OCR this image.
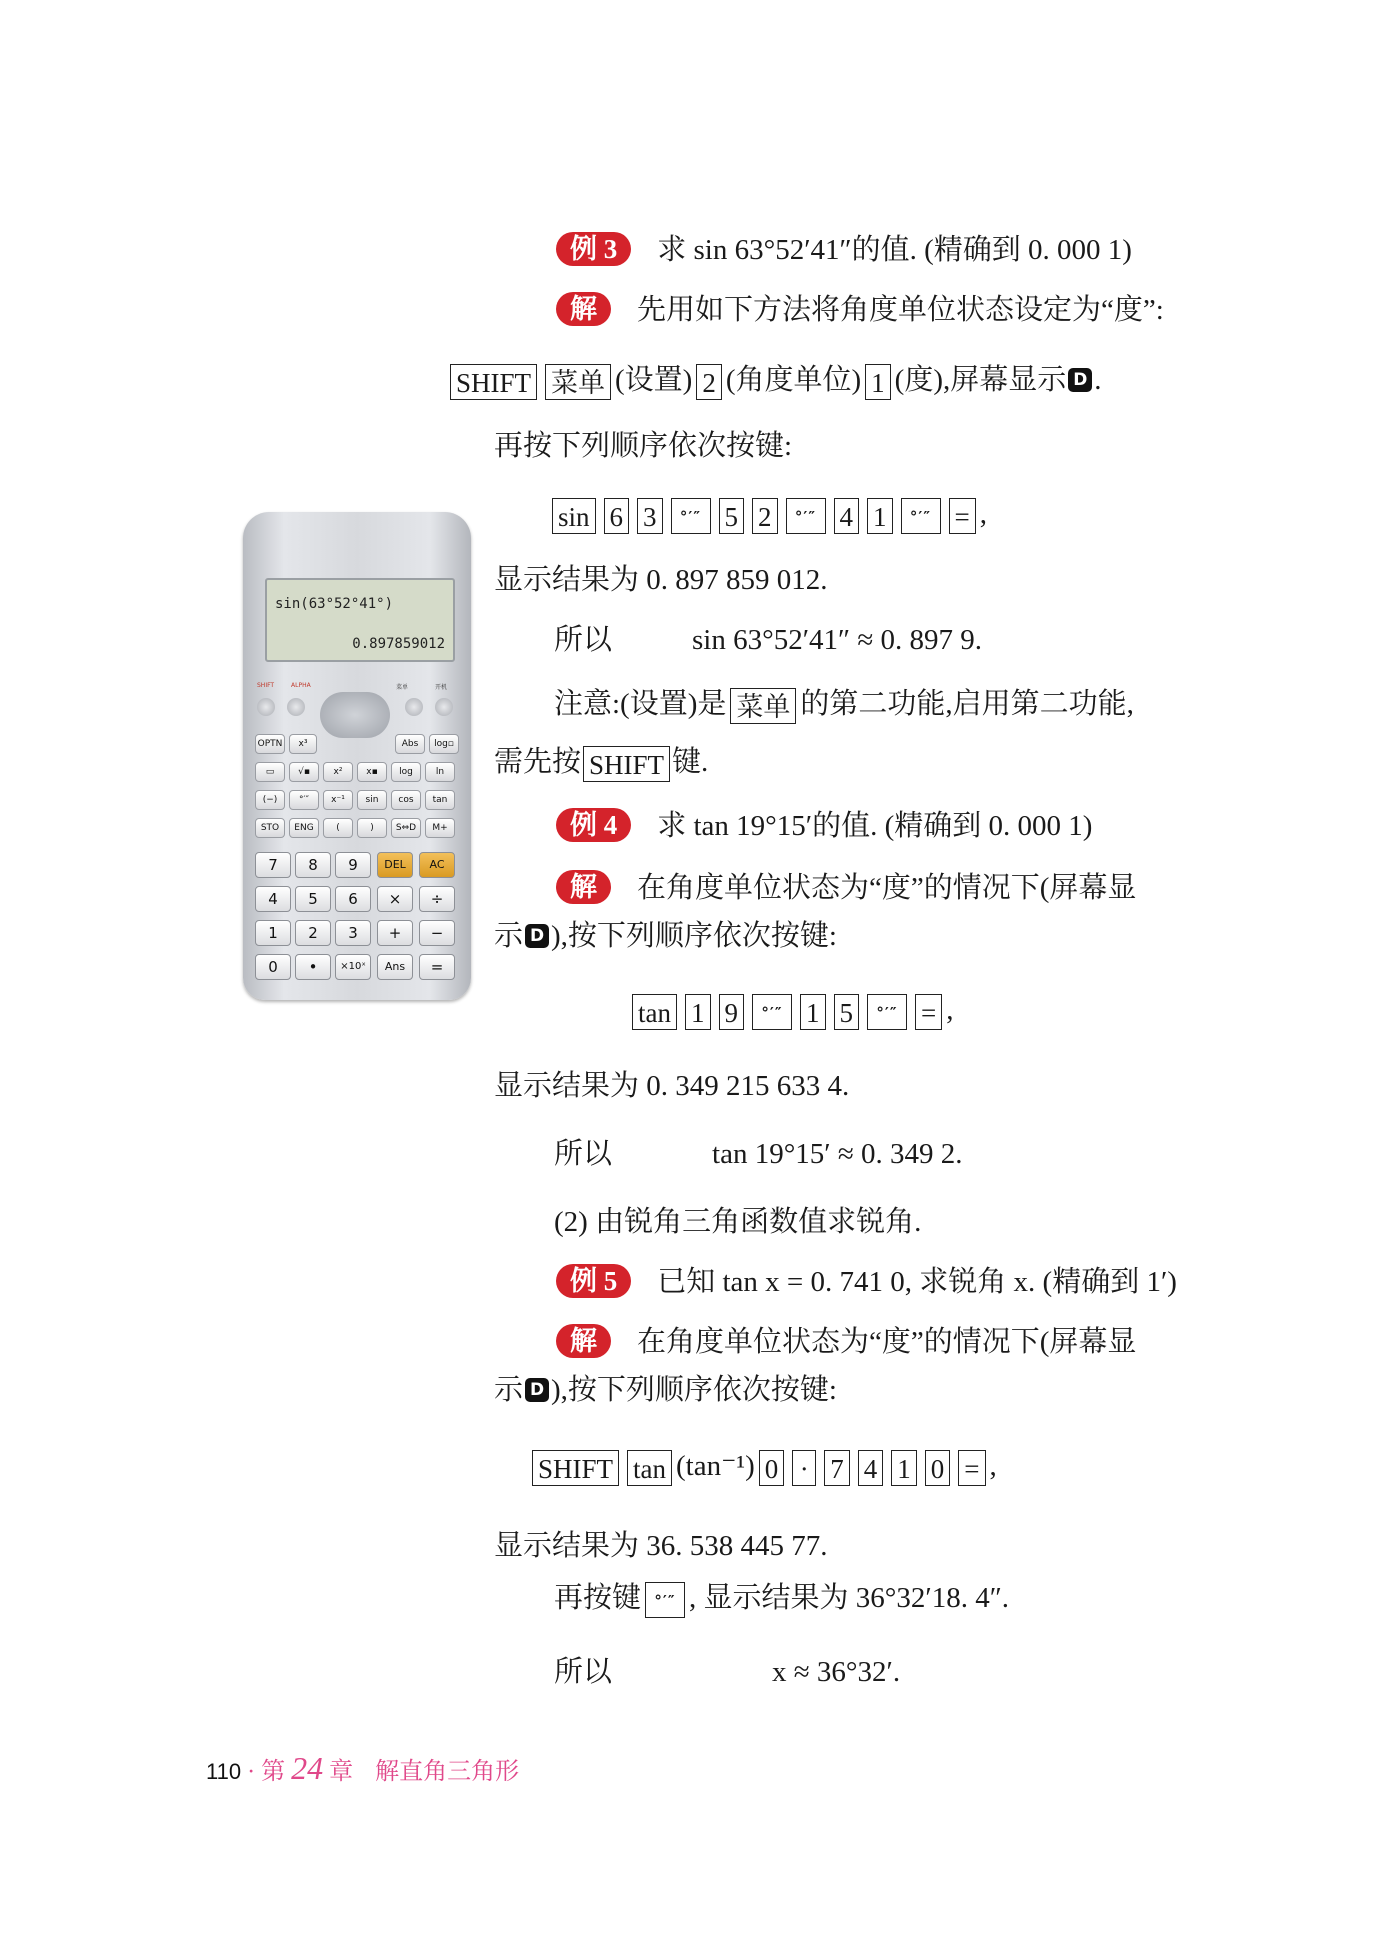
例 3 求 sin 63°52′41″的值. (精确到 0. 000 1)
解 先用如下方法将角度单位状态设定为“度”:
SHIFT 菜单 (设置) 2 (角度单位) 1 (度),屏幕显示 D .
再按下列顺序依次按键:
sin 6 3 °′″ 5 2 °′″ 4 1 °′″ = ,
显示结果为 0. 897 859 012.
所以	sin 63°52′41″ ≈ 0. 897 9.
注意:(设置)是 菜单 的第二功能,启用第二功能,
需先按 SHIFT 键.
例 4 求 tan 19°15′的值. (精确到 0. 000 1)
解 在角度单位状态为“度”的情况下(屏幕显
示 D ),按下列顺序依次按键:
tan 1 9 °′″ 1 5 °′″ = ,
显示结果为 0. 349 215 633 4.
所以	tan 19°15′ ≈ 0. 349 2.
(2) 由锐角三角函数值求锐角.
例 5 已知 tan x = 0. 741 0, 求锐角 x. (精确到 1′)
解 在角度单位状态为“度”的情况下(屏幕显
示 D ),按下列顺序依次按键:
SHIFT tan (tan⁻¹) 0 · 7 4 1 0 = ,
显示结果为 36. 538 445 77.
再按键 °′″ , 显示结果为 36°32′18. 4″.
所以	x ≈ 36°32′.
sin(63°52°41°)
0.897859012
SHIFT	ALPHA	菜单	开机
OPTN	x³	Abs	log▫
▭	√▪	x²	x▪	log	ln
(−)	°′″	x⁻¹	sin	cos	tan
STO	ENG	(	)	S⇔D	M+
7	8	9	DEL	AC
4	5	6	×	÷
1	2	3	+	−
0	•	×10ˣ	Ans	=
110 · 第 24 章 解直角三角形
